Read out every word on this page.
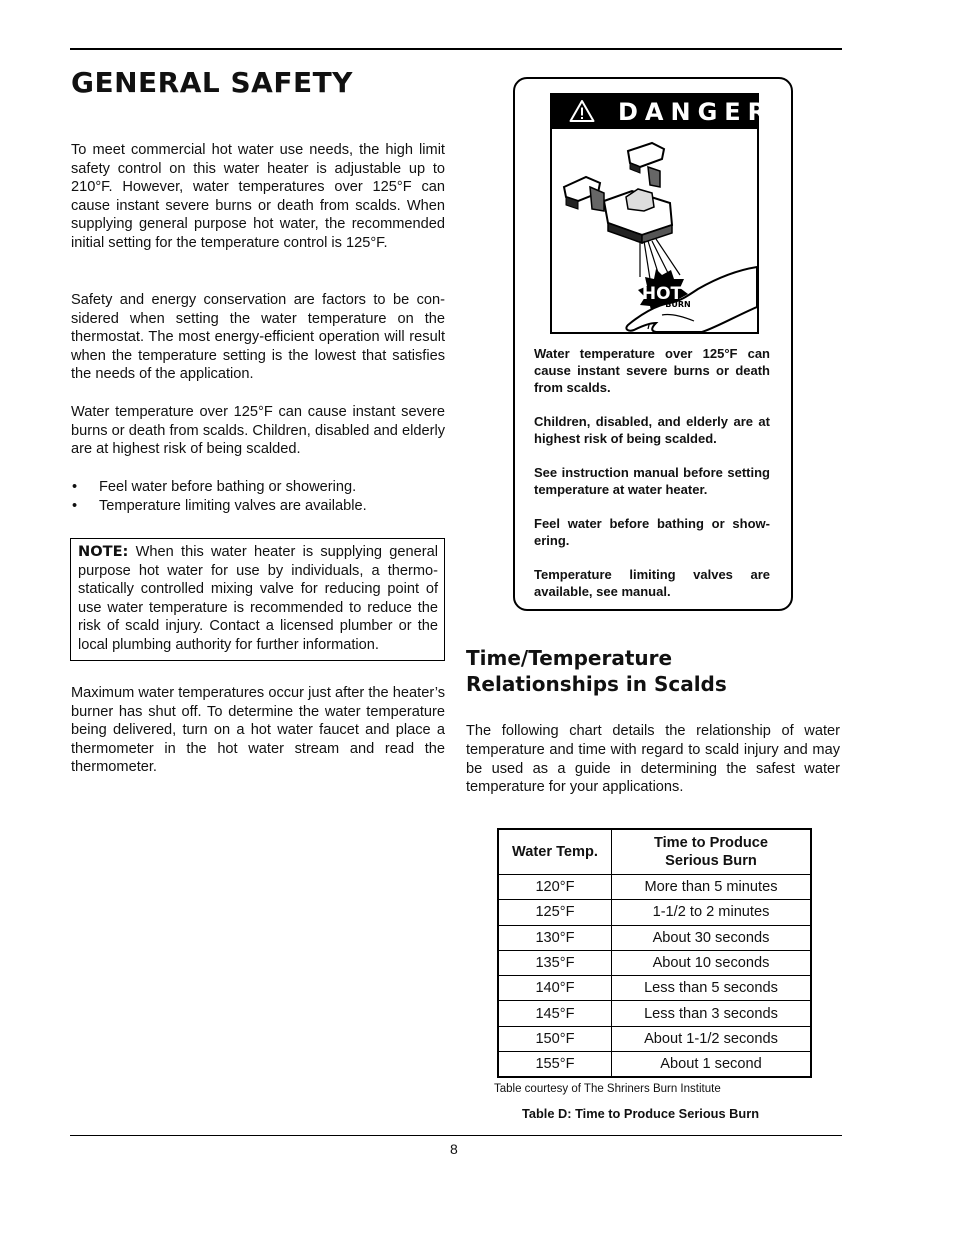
GENERAL SAFETY

To meet commercial hot water use needs, the high limit safety control on this water heater is adjustable up to 210°F. However, water temperatures over 125°F can cause instant severe burns or death from scalds. When supplying general purpose hot water, the recommended initial setting for the temperature control is 125°F.

Safety and energy conservation are factors to be considered when setting the water temperature on the thermostat. The most energy-efficient operation will result when the temperature setting is the lowest that satisfies the needs of the application.

Water temperature over 125°F can cause instant severe burns or death from scalds. Children, disabled and elderly are at highest risk of being scalded.

• Feel water before bathing or showering.
• Temperature limiting valves are available.
NOTE: When this water heater is supplying general purpose hot water for use by individuals, a thermostatically controlled mixing valve for reducing point of use water temperature is recommended to reduce the risk of scald injury. Contact a licensed plumber or the local plumbing authority for further information.

Maximum water temperatures occur just after the heater’s burner has shut off. To determine the water temperature being delivered, turn on a hot water faucet and place a thermometer in the hot water stream and read the thermometer.

DANGER
HOT
BURN

Water temperature over 125°F can cause instant severe burns or death from scalds.

Children, disabled, and elderly are at highest risk of being scalded.

See instruction manual before setting temperature at water heater.

Feel water before bathing or showering.

Temperature limiting valves are available, see manual.

Time/Temperature
Relationships in Scalds

The following chart details the relationship of water temperature and time with regard to scald injury and may be used as a guide in determining the safest water temperature for your applications.

Water Temp.	Time to Produce Serious Burn
120°F	More than 5 minutes
125°F	1-1/2 to 2 minutes
130°F	About 30 seconds
135°F	About 10 seconds
140°F	Less than 5 seconds
145°F	Less than 3 seconds
150°F	About 1-1/2 seconds
155°F	About 1 second
Table courtesy of The Shriners Burn Institute
Table D: Time to Produce Serious Burn
8
